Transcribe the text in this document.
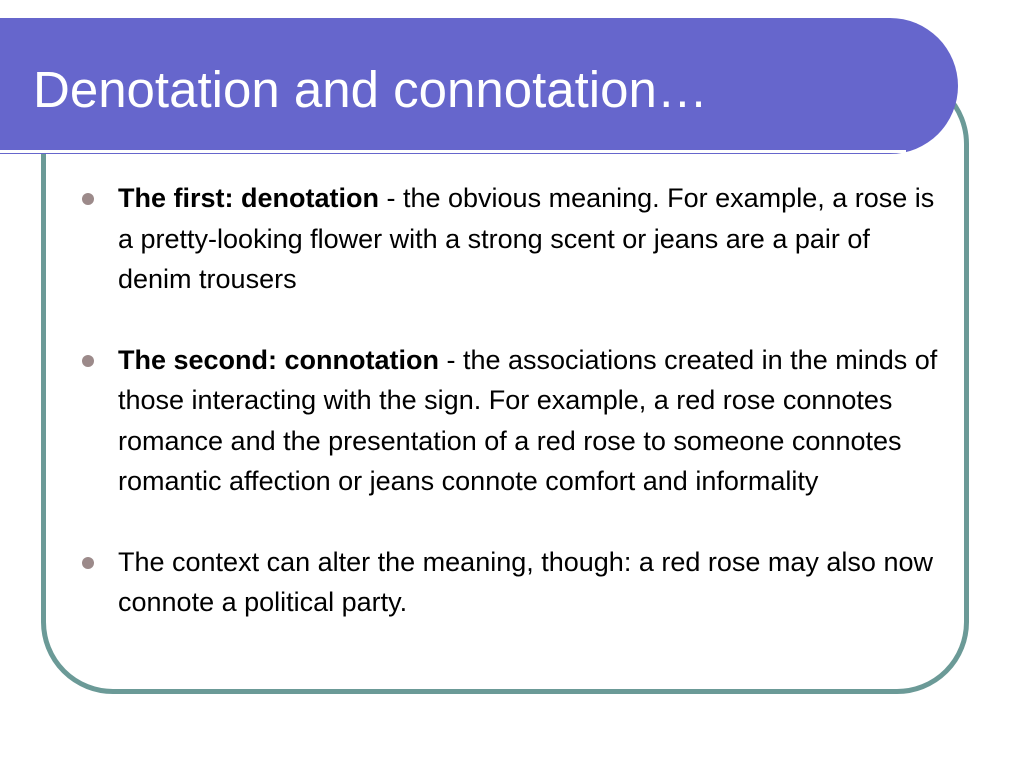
Denotation and connotation…
The first: denotation - the obvious meaning. For example, a rose is a pretty-looking flower with a strong scent or jeans are a pair of denim trousers
The second: connotation - the associations created in the minds of those interacting with the sign. For example, a red rose connotes romance and the presentation of a red rose to someone connotes romantic affection or jeans connote comfort and informality
The context can alter the meaning, though: a red rose may also now connote a political party.
